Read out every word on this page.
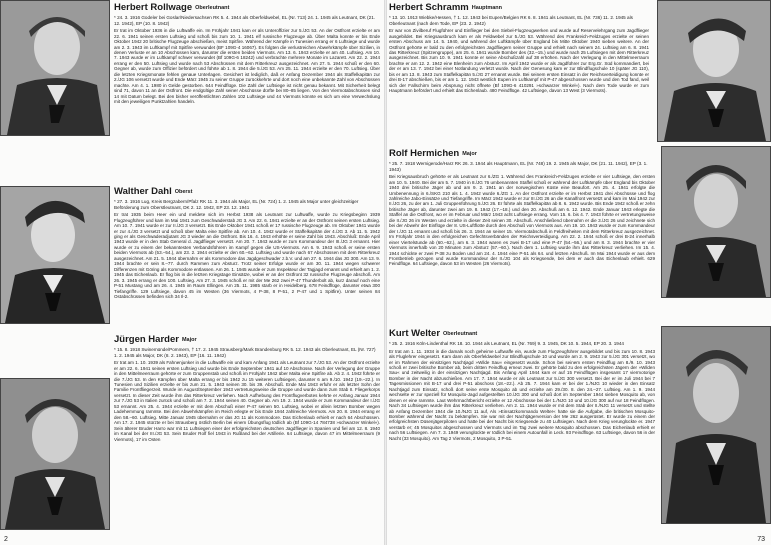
Herbert Rollwage Oberleutnant

* 24. 3. 1916 Godeler bei Goslar/Niedersachsen RK 5. 4. 1944 als Oberfeldwebel, EL (Nr. 713) 24. 1. 1945 als Leutnant, DK (21. 12. 1942), EP (10. 8. 1942)

Er trat im Oktober 1936 in die Luftwaffe ein. Im Frühjahr 1941 kam er als Unteroffizier zur 5./JG 53. An der Ostfront erzielte er am 22. 6. 1941 seinen ersten Luftsieg und schoß bis zum 10. 1. 1941 elf russische Flugzeuge ab. Über Malta konnte er bis Ende Oktober 1942 20 britische Flugzeuge abschießen, meist Spitfire. Während der Kämpfe in Tunesien errang er 6 Luftsiege und wurde am 2. 3. 1943 im Luftkampf mit Spitfire verwundet (BF 109G-4 16067). Es folgten die verlustreichen Abwehrkämpfe über Sizilien, in denen Verluste er an 10 Abschüssen kam, darunter die ersten beiden Viermots. Am 13. 6. 1943 erzielte er am 40. Luftsieg. Am 10. 7. 1943 wurde er im Luftkampf schwer verwundet (Bf 109G-6 18242) und verbrachte mehrere Monate im Lazarett. Am 22. 2. 1944 errang er den 50. Luftsieg und wurde nach 53 Abschüssen mit dem Ritterkreuz ausgezeichnet. Am 27. 5. 1944 schoß er den 60. Gegner ab, wurde zum Offizier befördert und führte ab 1. 8. 1944 die 5./JG 53. Am 25. 11. 1944 erzielte er den 70. Luftsieg. Über die letzten Kriegsmonate fehlen genaue Unterlagen. Gesichert ist lediglich, daß er Anfang Dezember 1944 als Staffelkapitän zur 2./JG 106 versetzt wurde und Ende März 1945 zu seiner Gruppe zurückkehrte und dort noch eine unbekannte Zahl von Abschüssen machte. Am 4. 1. 1980 in Gelde gestorben. 644 Feindflüge. Die Zahl der Luftsiege ist nicht genau bekannt. Mit Sicherheit belegt sind 71, davon 11 an der Ostfront. Die endgültige Zahl seiner Abschüsse dürfte bei 80–85 liegen. Von den Viermotabschüssen sind 14 mit Datum belegt. Bei den bisher veröffentlichten Zahlen 102 Luftsiege und 44 Viermots könnte es sich um eine Verwechslung mit den jeweiligen Punktzahlen handeln.

Walther Dahl Oberst

* 27. 3. 1916 Lug, Kreis Bergzabern/Pfalz RK 11. 3. 1944 als Major, EL (Nr. 724) 1. 2. 1945 als Major unter gleichzeitiger Beförderung zum Oberstleutnant, DK 2. 12. 1942, EP 23. 12. 1941

Er trat 1935 beim Heer ein und meldete sich im Herbst 1938 als Leutnant zur Luftwaffe, wurde zu Kriegsbeginn 1939 Flugzeugführer und kam im Mai 1941 zum Geschwaderstab JG 3. Am 22. 6. 1941 erzielte er an der Ostfront seinen ersten Luftsieg. Am 10. 7. 1941 wurde er zur II./JG 3 versetzt. Bis Ende Oktober 1941 schoß er 17 russische Flugzeuge ab. Im Oktober 1941 wurde er zur 4./JG 3 versetzt und schoß über Malta eine Spitfire ab. Am 10. 4. 1942 wurde er Staffelkapitän der 4./JG 3. Ab 11. 5. 1942 ging er als Geschwaderadjutant JG 3 wieder an die Ostfront. Bis 16. 4. 1943 erhöhte er seine Zahl bis 1943. Abschluß: Ende April 1943 wurde er in den Stab General d. Jagdflieger versetzt. Am 20. 7. 1943 wurde er zum Kommandeur der III./JG 3 ernannt. Hier wurde er zu einem der bekanntesten Verbandsführern im Kampf gegen die US-Viermots. Am 6. 9. 1943 schoß er seine ersten beiden Viermots ab (53.–54.), am 23. 2. 1944 erzielte er den 60.–62. Luftsieg und wurde nach 67 Abschüssen mit dem Ritterkreuz ausgezeichnet. Am 21. 5. 1944 übernahm er als Kommodore das Jagdgeschwader z.b.V. und am 27. 6. 1944 das JG 300. Am 13. 9. 1944 brachte er sein 8.–77. durch Rammen zum Absturz. Trotz seiner Erfolge wurde er am 30. 11. 1944 wegen schwerer Differenzen mit Göring als Kommodore entlassen. Am 26. 1. 1945 wurde er zum Inspekteur der Tagjagd ernannt und erhielt am 1. 2. 1945 das Eichenlaub. Er flog bis in die letzten Kriegstage Einsätze, wobei er an der Ostfront 32 russische Flugzeuge abschoß. Am 26. 3. 1945 errang er den 100. Luftsieg. Am 27. 3. 1945 schoß er mit der Me 262 zwei P-47 Thunderbolt ab, kurz darauf noch eine P-51 Mustang und am 26. 4. 1945 im Raum Ellingen. Am 25. 11. 1985 starb er in Heidelberg. 678 Feindflüge, darunter etwa 300 Tiefangriffe. 129 Luftsiege, davon 45 im Westen (36 Viermots, 4 P-38, 8 P-51, 2 P-47 und 1 Spitfire). Unter seinen 84 Ostabschüssen befinden sich 34 Il-2.

Jürgen Harder Major

* 15. 8. 1918 Swinemünde/Pommern, † 17. 2. 1945 Strausberg/Mark Brandenburg RK 5. 12. 1943 als Oberleutnant, EL (Nr. 727) 1. 2. 1945 als Major, DK (8. 2. 1943), EP (16. 11. 1942)

Er trat am 1. 10. 1939 als Fahnenjunker in die Luftwaffe ein und kam Anfang 1941 als Leutnant zur 7./JG 53. An der Ostfront erzielte er am 22. 6. 1941 seinen ersten Luftsieg und wurde bis Ende September 1941 auf 10 Abschüsse. Nach der Verlegung der Gruppe in den Mittelmeerraum gehörte er zum Gruppenstab und schoß im Frühjahr 1942 über Malta eine Spitfire ab. Ab 2. 4. 1942 führte er die 7./JG 53. In den Kämpfen über Malta errang er bis 1942 zu 15 weiteren Luftsiegen, darunter 6 am 9./10. 1942 (19.–22.). In Tunesien und Sizilien erzielte er bis zum 21. 5. 1943 seinen 30. bis 39. Abschuß. Ende Mai 1943 erfuhr er als letzter Sohn der Familie Frontfliegerzeit. Wurde im August/September 1943 vertretungsweise die Gruppe und wurde dann zum Stab II. Fliegerkorps versetzt. In dieser Zeit wurde ihm das Ritterkreuz verliehen. Nach Aufhebung des Frontflugverbotes kehrte er Anfang Januar 1944 zur 7./JG 53 in Italien zurück und schoß am 7. 2. 1944 seinen 40. Gegner ab. Am 19. 2. 1944 wurde er zum Kommandeur der I./JG 53 ernannt. Am 25. 4. 1944 erzielte er mit dem Abschuß einer P-47 seinen 50. Luftsieg, wobei er allein letzten Bomber wegen Ladehemmung rammte. Bei den Abwehrkämpfen im Reich erlegte er bis Ende 1944 zahlreiche Viermots. Am 20. 8. 1944 errang er den 58.–60. Luftsieg. Mitte Januar 1945 übernahm er das JG 11 als Kommodore. Das Eichenlaub erhielt er nach 64 Abschüssen. Am 17. 2. 1945 stürzte er bei Strausberg östlich Berlin bei einem Übungsflug tödlich ab (Bf 109G-14 784738 »schwarzer Winkel«). Sein älterer Bruder Harro war mit 11 Luftsiegen einer der erfolgreichsten deutschen Jagdflieger in Spanien und fiel am 12. 8. 1940 im Kanal bei der III./JG 53. Sein Bruder Rolf fiel 1943 in Rußland bei der Artillerie. 64 Luftsiege, davon 47 im Mittelmeerraum (9 Viermots), 17 im Osten

2
Herbert Schramm Hauptmann

* 13. 10. 1913 Wiebke/Hessen, † 1. 12. 1943 bei Eupen/Belgien RK 6. 8. 1941 als Leutnant, EL (Nr. 736) 11. 2. 1945 als Oberleutnant (nach dem Tode, EP (23. 2. 1942)

Er war von Zivilberuf Flugführer und Einflieger bei den Siebel-Flugzeugwerken und wurde auf Reservelehrgang zum Jagdflieger ausgebildet. Bei Kriegsausbruch kam er als Feldwebel zur 5./JG 53. Während des Frankreich-Feldzuges erzielte er seinen ersten Abschuss am 14. 5. 1940, und während der Luftkämpfe über England bis Mitte Oktober 1940 sieben weitere. An der Ostfront gehörte er bald zu den erfolgreichsten Jagdfliegern seiner Gruppe und erhielt nach seinem 24. Luftsieg am 6. 8. 1941 das Ritterkreuz (Spitzengruppe), am 25. 6. 1941 wurde Bomber des (32.–15.) und wurde nach 25 Luftsiegen mit dem Ritterkreuz ausgezeichnet. Bis zum 10. 9. 1941 konnte er seine Abschußzahl auf 38 erhöhen. Nach der Verlegung in den Mittelmeerraum brachte er am 12. 2. 1942 eine Blenheim zum Absturz. Im April 1942 wurde er als Jagdführer zur Erg.Gr. Süd kommandiert, bei der er am 13. 7. 1942 bei einer Notlandung verletzt wurde. Nach der Genesung kam er zur Blindflugschule 10 (später JG 110), bis er am 13. 8. 1943 zum Staffelkapitän 5./JG 27 ernannt wurde. Bei seinem ersten Einsatz in der Reichsverteidigung konnte er drei B-17 abschießen, bis er am 1. 12. 1943 westlich Eupen im Luftkampf mit P-47 abgeschossen wurde und den Tod fand, weil sich der Fallschirm beim Absprung nicht öffnete (Bf 109G-6 410291 »schwarzer Winkel«). Nach dem Tode wurde er zum Hauptmann befördert und erhielt das Eichenlaub. 480 Feindflüge. 42 Luftsiege, davon 13 West (3 Viermots).

Rolf Hermichen Major

* 25. 7. 1918 Wernigerode/Harz RK 26. 3. 1944 als Hauptmann, EL (Nr. 748) 19. 2. 1945 als Major, DK (21. 11. 1942), EP (3. 1. 1943)

Bei Kriegsausbruch gehörte er als Leutnant zur 6./ZG 1. Während des Frankreich-Feldzuges erzielte er vier Luftsiege, den ersten am 10. 5. 1940. Bei der am 5. 7. 1940 in 8./JG 76 umbenannten Staffel schoß er während der Luftkämpfe über England bis Oktober 1940 drei britische Jäger ab und am 9. 2. 1941 an der norwegischen Küste eine Beaufort. Am 25. 4. 1941 erfolgte die Umbenennung in 6./SKG 210 als 1. 4. 1942 wurde 6./ZG 1. An der Ostfront erzielte er im Herbst 1941 drei Abschüsse und flog zahlreiche Jabo-Einsätze und Tiefangriffe. Im März 1942 wurde er zur III./JG 26 an die Kanalfront versetzt und kam im Mai 1942 zur II./JG 26, zu der am 1. Juli Gruppenführung 5./JG 26. Er führte als Staffelkapitän ab 8. 6. 1942 wurde. Bis Ende 1942 schoß er zehn britische Jäger ab, darunter zwei am 19. 8. 1942 (17.–18.) und den 20. Abschuß am 6. 12. 1942. Ende Januar 1943 erlegte die Staffel an die Ostfront, wo er im Februar und März 1943 acht Luftsiege errang. Vom 15. 6. bis 4. 7. 1943 führte er vertretungsweise die II./JG 26 im Westen und erzielte in dieser Zeit seinen 30. Abschuß. Anschließend übernahm er die 3./JG 26 und zeichnete sich bei der Abwehr der Einflüge der 8. US-Luftflotte durch den Abschuß von Viermots aus. Am 19. 10. 1943 wurde er zum Kommandeur der I./JG 11 ernannt und schoß bis 26. 3. 1944 an seiner 15. Viermotabschuß in Feldfreiheiten mit dem Ritterkreuz ausgezeichnet. Im Frühjahr 1944 in den erfolgreichen Gefechtsverbänden der Reichsverteidigung. Am 22. 2. 1944 schoß er drei B-24 innerhalb einer Viertelstunde ab (60.–62.), am 6. 3. 1944 waren es zwei B-17 und eine P-47 (54.–56.) und am 8. 3. 1944 brachte er vier Viermots innerhalb von 20 Minuten zum Absturz (57.–60.). Nach dem 1. Luftsieg wurde ihm das Ritterkreuz verliehen. Im 15. 4. 1944 schickte er zwei P-38 zu Boden und am 24. 4. 1944 eine P-51 als 64. und letzten Abschuß. Im Mai 1944 wurde er aus dem Frontbetrieb gezogen und wurde Kommandeur der II./JG 104 als Kriegsende, bei dem er auch das Eichenlaub erhielt. 629 Feindflüge. 64 Luftsiege, davon 53 im Westen (26 Viermots).

Kurt Welter Oberleutnant

* 25. 2. 1916 Köln-Lindenthal RK 18. 10. 1944 als Leutnant, EL (Nr. 769) 9. 3. 1945, DK 10. 5. 1944, EP 20. 3. 1944

Er trat am 1. 11. 1934 in die damals noch geheime Luftwaffe ein, wurde zum Flugzeugführer ausgebildet und bis zum 10. 8. 1943 als Fluglehrer eingesetzt. Kam dann als Oberfeldwebel zur Blindflugschule 10 und wurde am 2. 9. 1943 zur 5./JG 301 versetzt, wo er im Rahmen der einsitzigen Nachtjagd »Wilde Sau« eingesetzt wurde. Schon bei seinem ersten Feindflug am 8./9. 10. 1943 schoß er zwei britische Bomber ab, beim dritten Feindflug erneut zwei. Er gehörte bald zu den erfolgreichsten Jägern der »Wilden Sau« und zeitweilig in der einsitzigen Nachtjagd. Bis Anfang April 1944 kam er auf 15 Feindflügen insgesamt 17 viermotorige Bomber in der Nacht abzuschießen. Am 17. 7. 1944 wurde er als Leutnant zur 5./JG 300 versetzt. Bei der er im Juli 1944 bei 7 Tagesmissionen mit B-17 und drei P-51 abschoss (18.–22.). Ab 25. 7. 1944 kam er bei der 1./NJG 10 wieder in den Einsatz Nachtjagd zum Einsatz, schoß dort seine erste Mosquito ab und erzielte am 29./30. 8. den 24.–27. Luftsieg. Am 1. 9. 1944 wechselte er zur speziell für Mosquito-Jagd aufgestellten 10./JG 300 und schoß dort im September 1944 sieben Mosquito ab, von denen er eine rammte. Laut Wehrmachtbericht erzielte er 12 Abschüsse bei der 1./NJG 10 und 10./JG 300 auf nur 18 Feindflügen. Nach 34 Luftsiegen wurde ihm das Ritterkreuz verliehen. Am 2. 11. 1944 wurde er mit dem Stab der II./NJG 11 versetzt und stellte ab Anfang Dezember 1944 die 10./NJG 11 auf, Als »Einsatzkommando Welter« hatte sie die Aufgabe, die britischen Mosquito-Bomber während der Nacht zu bekämpfen. Sie war mit der Nachtjägerversion der Me 262 ausgerüstet. Er wurde zu einem der erfolgreichsten Düsenjägerpiloten und hatte bei der Nacht bis Kriegsende zu 40 Luftsiegen. Nach dem Krieg verunglückte er. 1947 verstarb er; 45 Mosquitos abgeschossen und Viermots und im Tag zwei weitere Mosquito abschossen. Das Eichenlaub erhielt er nach 56 Luftsiegen. Am 7. 3. 1949 verunglückte er tödlich bei einem Autounfall in Leck. 93 Feindflüge. 63 Luftsiege, davon 56 in der Nacht (33 Mosquito). Am Tag 2 Viermots, 2 Mosquito, 3 P-51.

73
